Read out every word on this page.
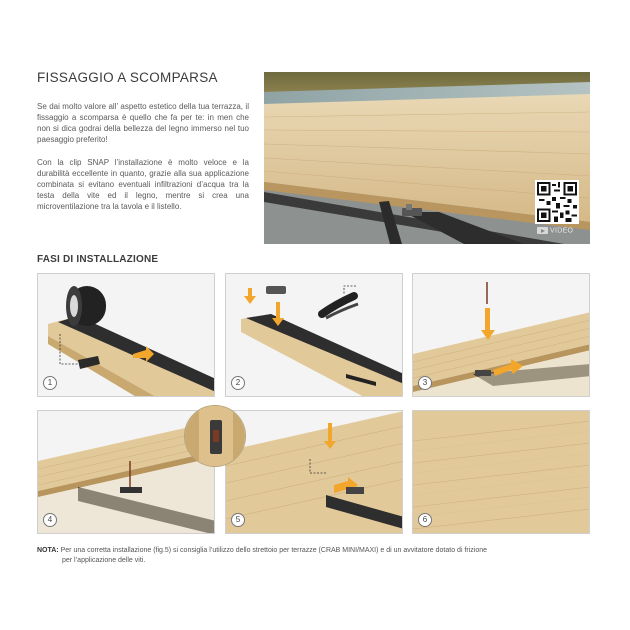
FISSAGGIO A SCOMPARSA

Se dai molto valore all’ aspetto estetico della tua terrazza, il fissaggio a scomparsa è quello che fa per te: in men che non si dica godrai della bellezza del legno immerso nel tuo paesaggio preferito!

Con la clip SNAP l’installazione è molto veloce e la durabilità eccellente in quanto, grazie alla sua applicazione combinata si evitano eventuali infiltrazioni d’acqua tra la testa della vite ed il legno, mentre si crea una microventilazione tra la tavola e il listello.

VIDEO
FASI DI INSTALLAZIONE
1	2	3
4	5	6
NOTA: Per una corretta installazione (fig.5) si consiglia l’utilizzo dello strettoio per terrazze (CRAB MINI/MAXI) e di un avvitatore dotato di frizione
per l’applicazione delle viti.
